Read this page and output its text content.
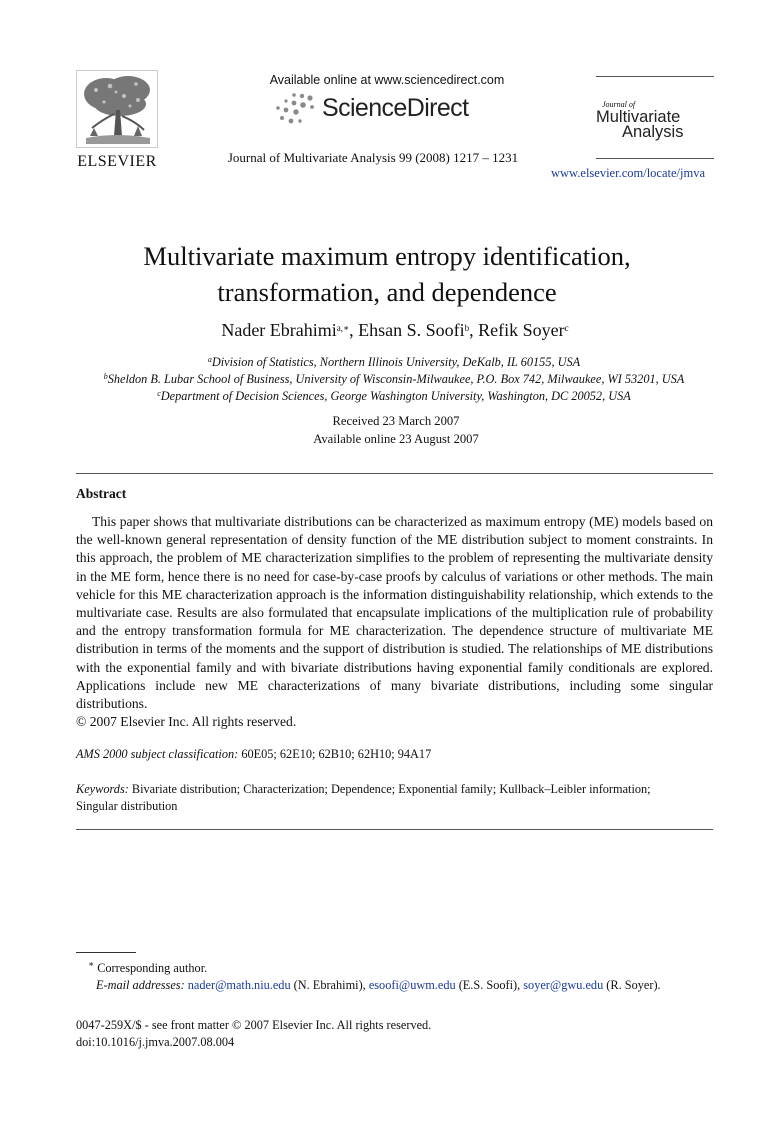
ELSEVIER
Available online at www.sciencedirect.com
ScienceDirect
Journal of Multivariate Analysis 99 (2008) 1217 – 1231
Journal of
Multivariate
Analysis
www.elsevier.com/locate/jmva
Multivariate maximum entropy identification,
transformation, and dependence
Nader Ebrahimi$^{a,∗}$, Ehsan S. Soofi$^b$, Refik Soyer$^c$
$^a$Division of Statistics, Northern Illinois University, DeKalb, IL 60155, USA
$^b$Sheldon B. Lubar School of Business, University of Wisconsin-Milwaukee, P.O. Box 742, Milwaukee, WI 53201, USA
$^c$Department of Decision Sciences, George Washington University, Washington, DC 20052, USA
Received 23 March 2007
Available online 23 August 2007
Abstract

This paper shows that multivariate distributions can be characterized as maximum entropy (ME) models based on the well-known general representation of density function of the ME distribution subject to moment constraints. In this approach, the problem of ME characterization simplifies to the problem of representing the multivariate density in the ME form, hence there is no need for case-by-case proofs by calculus of variations or other methods. The main vehicle for this ME characterization approach is the information distinguishability relationship, which extends to the multivariate case. Results are also formulated that encapsulate implications of the multiplication rule of probability and the entropy transformation formula for ME characterization. The dependence structure of multivariate ME distribution in terms of the moments and the support of distribution is studied. The relationships of ME distributions with the exponential family and with bivariate distributions having exponential family conditionals are explored. Applications include new ME characterizations of many bivariate distributions, including some singular distributions.

© 2007 Elsevier Inc. All rights reserved.
AMS 2000 subject classification: 60E05; 62E10; 62B10; 62H10; 94A17
Keywords: Bivariate distribution; Characterization; Dependence; Exponential family; Kullback–Leibler information;
Singular distribution
∗ Corresponding author.
E-mail addresses: nader@math.niu.edu (N. Ebrahimi), esoofi@uwm.edu (E.S. Soofi), soyer@gwu.edu (R. Soyer).
0047-259X/$ - see front matter © 2007 Elsevier Inc. All rights reserved.
doi:10.1016/j.jmva.2007.08.004
